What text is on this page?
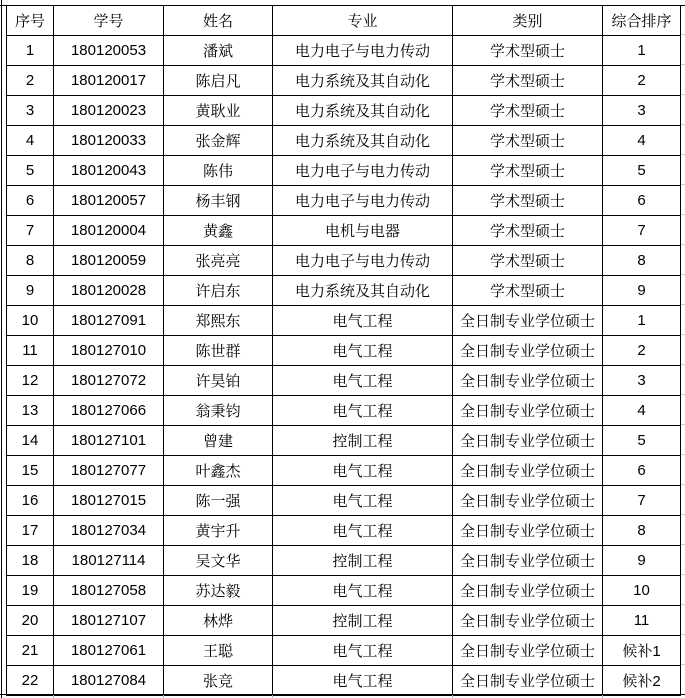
序号	学号	姓名	专业	类别	综合排序
1	180120053	潘斌	电力电子与电力传动	学术型硕士	1
2	180120017	陈启凡	电力系统及其自动化	学术型硕士	2
3	180120023	黄耿业	电力系统及其自动化	学术型硕士	3
4	180120033	张金辉	电力系统及其自动化	学术型硕士	4
5	180120043	陈伟	电力电子与电力传动	学术型硕士	5
6	180120057	杨丰钢	电力电子与电力传动	学术型硕士	6
7	180120004	黄鑫	电机与电器	学术型硕士	7
8	180120059	张亮亮	电力电子与电力传动	学术型硕士	8
9	180120028	许启东	电力系统及其自动化	学术型硕士	9
10	180127091	郑熙东	电气工程	全日制专业学位硕士	1
11	180127010	陈世群	电气工程	全日制专业学位硕士	2
12	180127072	许昊铂	电气工程	全日制专业学位硕士	3
13	180127066	翁秉钧	电气工程	全日制专业学位硕士	4
14	180127101	曾建	控制工程	全日制专业学位硕士	5
15	180127077	叶鑫杰	电气工程	全日制专业学位硕士	6
16	180127015	陈一强	电气工程	全日制专业学位硕士	7
17	180127034	黄宇升	电气工程	全日制专业学位硕士	8
18	180127114	吴文华	控制工程	全日制专业学位硕士	9
19	180127058	苏达毅	电气工程	全日制专业学位硕士	10
20	180127107	林烨	控制工程	全日制专业学位硕士	11
21	180127061	王聪	电气工程	全日制专业学位硕士	候补1
22	180127084	张竞	电气工程	全日制专业学位硕士	候补2
